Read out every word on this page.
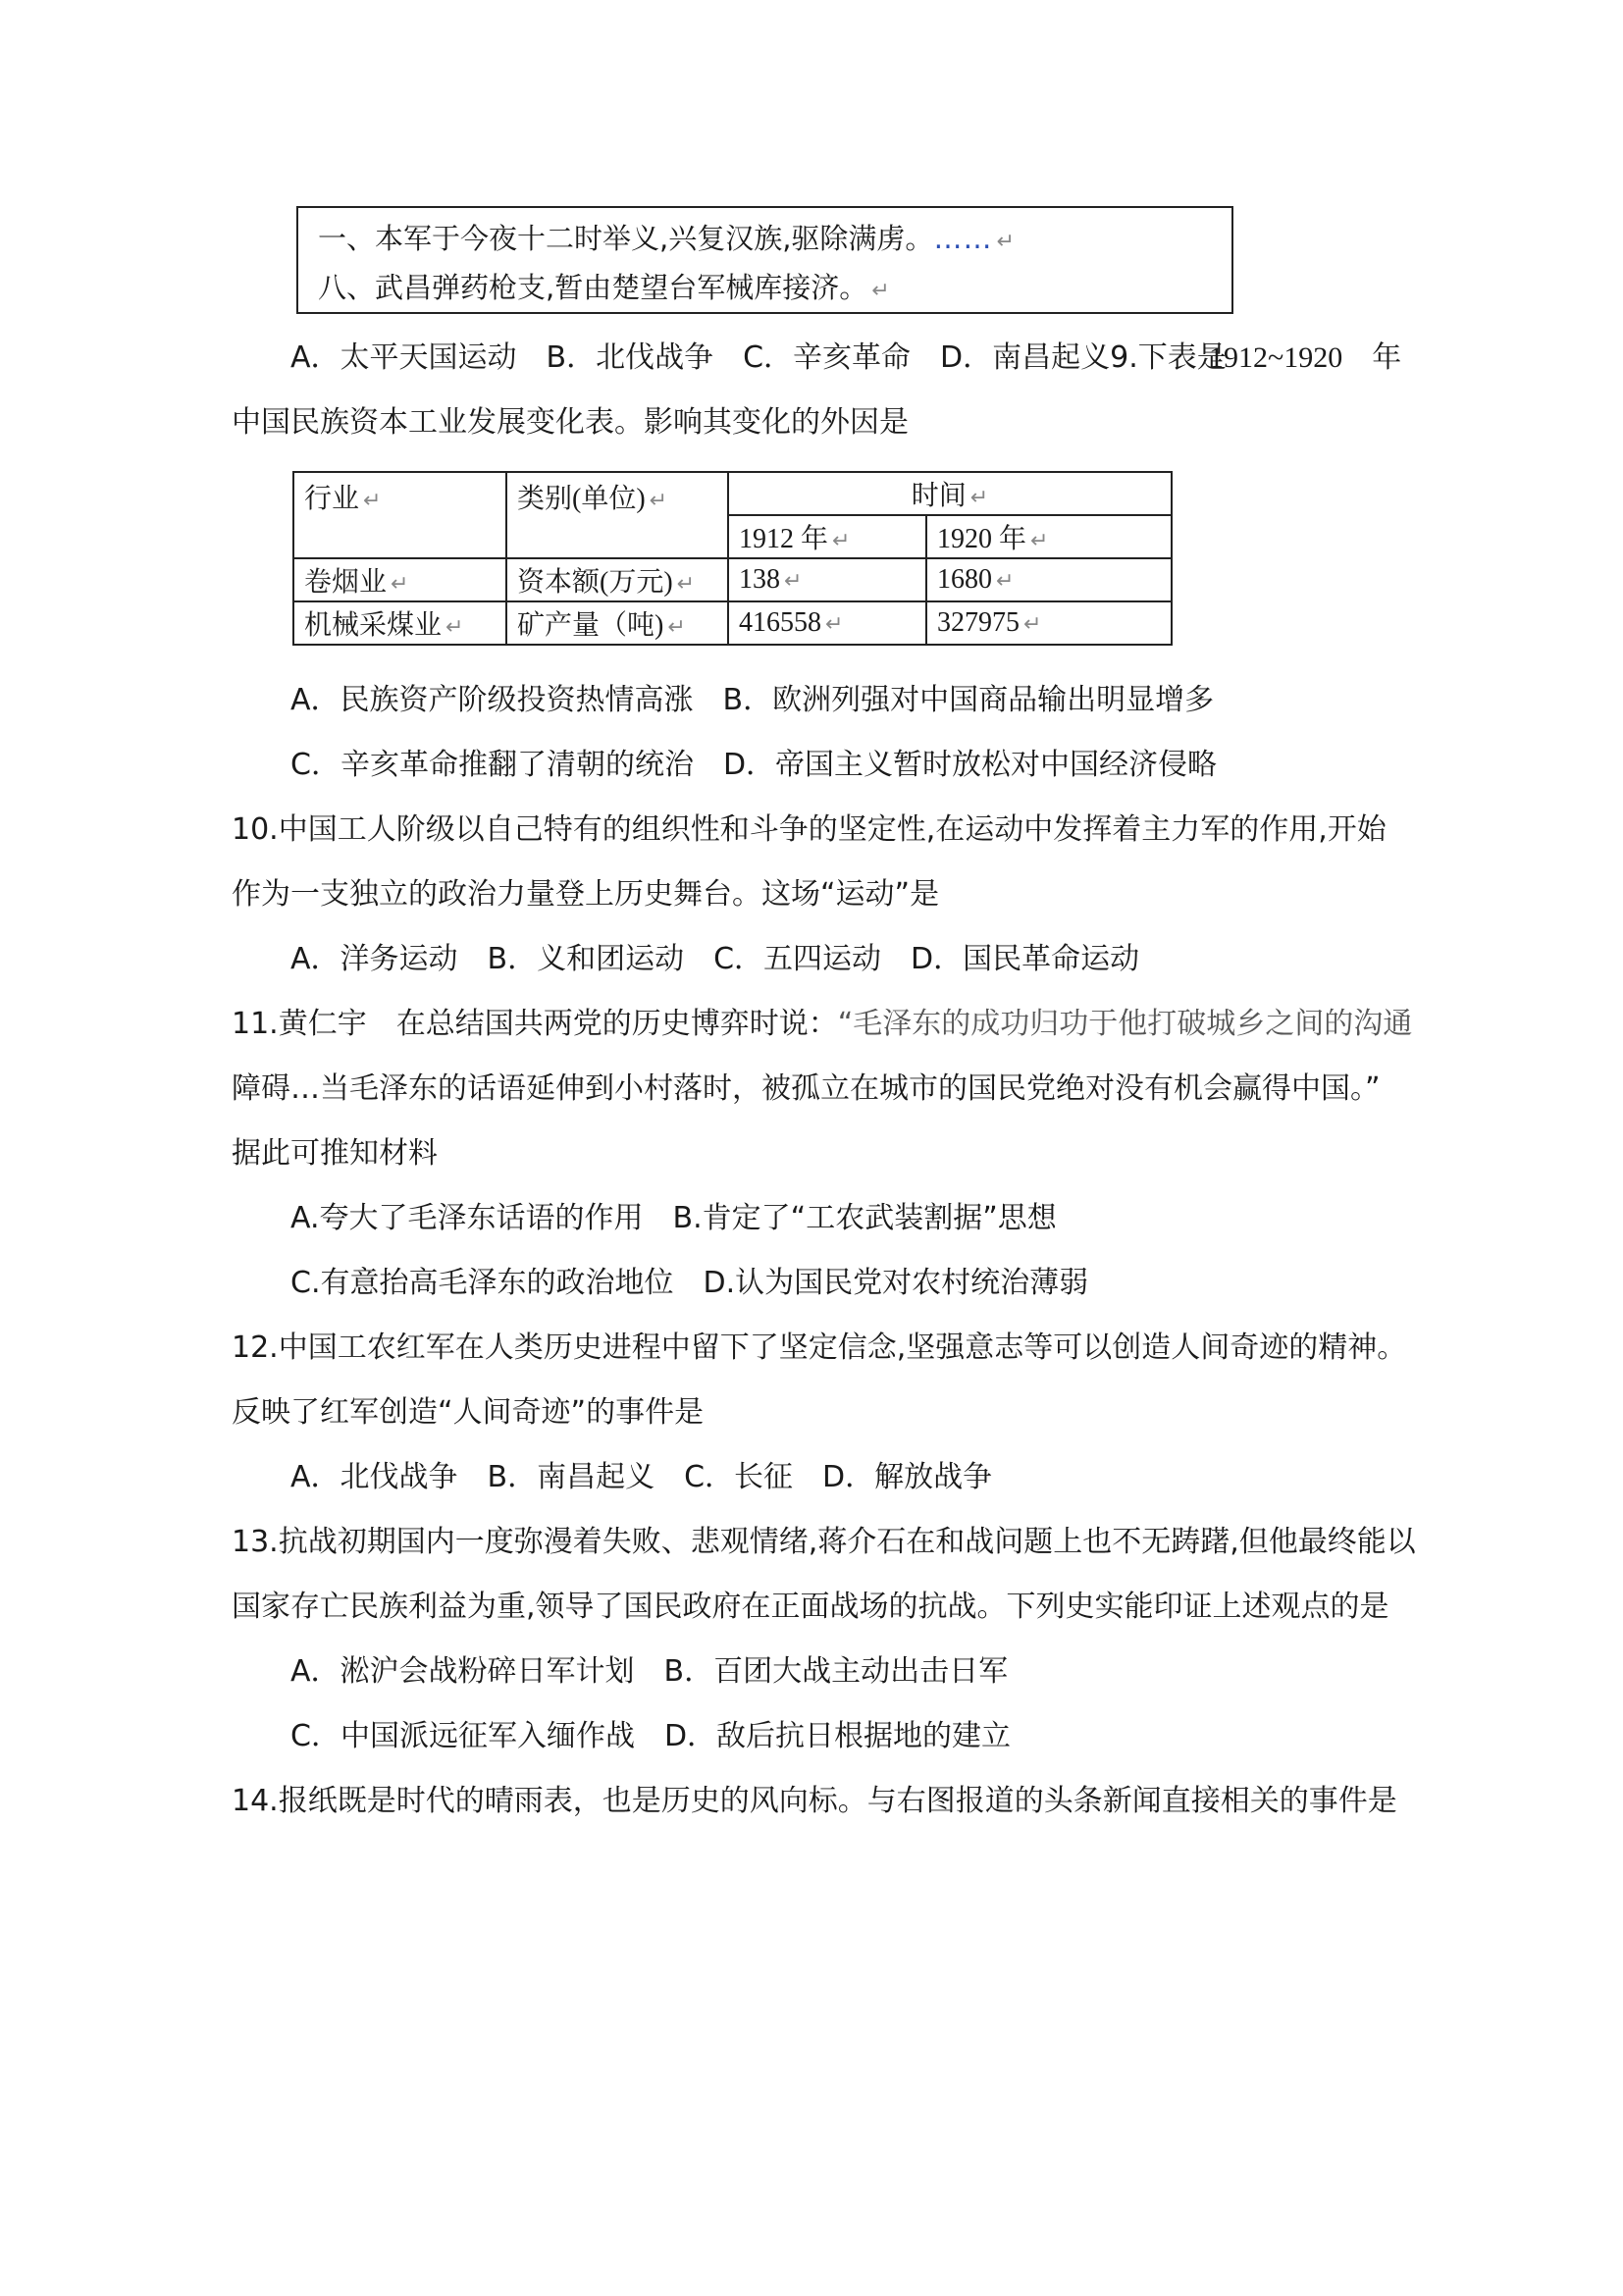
一、本军于今夜十二时举义,兴复汉族,驱除满虏。…… ↵
八、武昌弹药枪支,暂由楚望台军械库接济。 ↵
A．太平天国运动　B．北伐战争　C．辛亥革命　D．南昌起义9.下表是
1912~1920　年
中国民族资本工业发展变化表。影响其变化的外因是
行业 ↵	类别(单位) ↵	时间 ↵	
		1912 年 ↵	1920 年 ↵
卷烟业 ↵	资本额(万元) ↵	138 ↵	1680 ↵
机械采煤业 ↵	矿产量（吨) ↵	416558 ↵	327975 ↵
A．民族资产阶级投资热情高涨　B．欧洲列强对中国商品输出明显增多
C．辛亥革命推翻了清朝的统治　D．帝国主义暂时放松对中国经济侵略
10.中国工人阶级以自己特有的组织性和斗争的坚定性,在运动中发挥着主力军的作用,开始
作为一支独立的政治力量登上历史舞台。这场“运动”是
A．洋务运动　B．义和团运动　C．五四运动　D．国民革命运动
11.黄仁宇　在总结国共两党的历史博弈时说：“毛泽东的成功归功于他打破城乡之间的沟通
障碍…当毛泽东的话语延伸到小村落时，被孤立在城市的国民党绝对没有机会赢得中国。”
据此可推知材料
A.夸大了毛泽东话语的作用　B.肯定了“工农武装割据”思想
C.有意抬高毛泽东的政治地位　D.认为国民党对农村统治薄弱
12.中国工农红军在人类历史进程中留下了坚定信念,坚强意志等可以创造人间奇迹的精神。
反映了红军创造“人间奇迹”的事件是
A．北伐战争　B．南昌起义　C．长征　D．解放战争
13.抗战初期国内一度弥漫着失败、悲观情绪,蒋介石在和战问题上也不无踌躇,但他最终能以
国家存亡民族利益为重,领导了国民政府在正面战场的抗战。下列史实能印证上述观点的是
A．淞沪会战粉碎日军计划　B．百团大战主动出击日军
C．中国派远征军入缅作战　D．敌后抗日根据地的建立
14.报纸既是时代的晴雨表，也是历史的风向标。与右图报道的头条新闻直接相关的事件是
